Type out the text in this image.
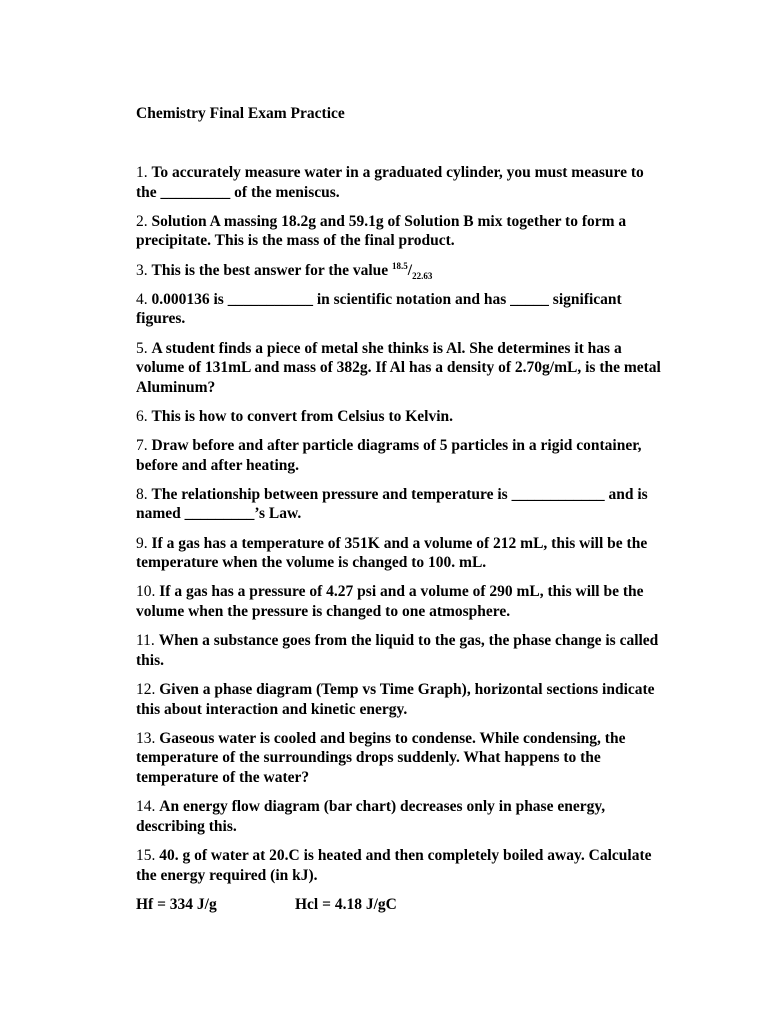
Chemistry Final Exam Practice

1. To accurately measure water in a graduated cylinder, you must measure to the _________ of the meniscus.

2. Solution A massing 18.2g and 59.1g of Solution B mix together to form a precipitate. This is the mass of the final product.

3. This is the best answer for the value $^{18.5}/_{22.63}$

4. 0.000136 is ___________ in scientific notation and has _____ significant figures.

5. A student finds a piece of metal she thinks is Al. She determines it has a volume of 131mL and mass of 382g. If Al has a density of 2.70g/mL, is the metal Aluminum?

6. This is how to convert from Celsius to Kelvin.

7. Draw before and after particle diagrams of 5 particles in a rigid container, before and after heating.

8. The relationship between pressure and temperature is ____________ and is named _________’s Law.

9. If a gas has a temperature of 351K and a volume of 212 mL, this will be the temperature when the volume is changed to 100. mL.

10. If a gas has a pressure of 4.27 psi and a volume of 290 mL, this will be the volume when the pressure is changed to one atmosphere.

11. When a substance goes from the liquid to the gas, the phase change is called this.

12. Given a phase diagram (Temp vs Time Graph), horizontal sections indicate this about interaction and kinetic energy.

13. Gaseous water is cooled and begins to condense. While condensing, the temperature of the surroundings drops suddenly. What happens to the temperature of the water?

14. An energy flow diagram (bar chart) decreases only in phase energy, describing this.

15. 40. g of water at 20.C is heated and then completely boiled away. Calculate the energy required (in kJ).

Hf = 334 J/g	Hcl = 4.18 J/gC
